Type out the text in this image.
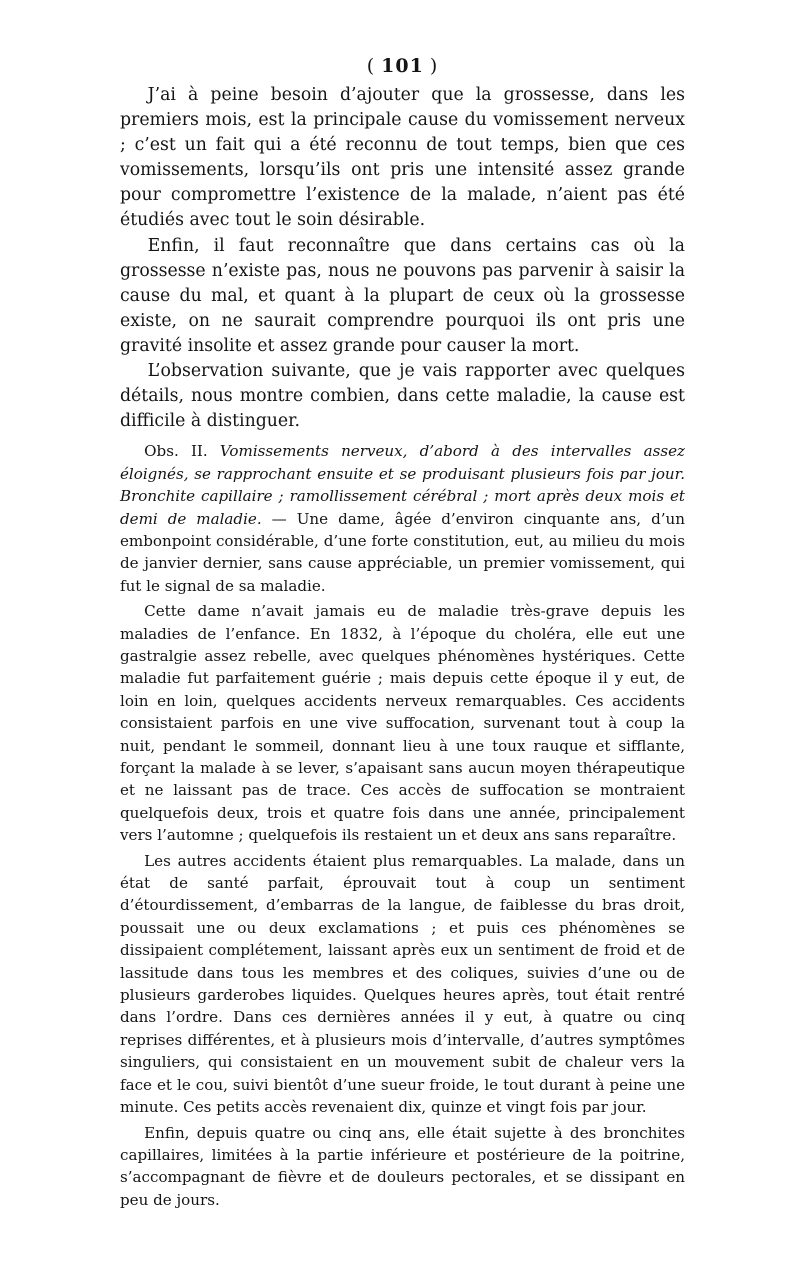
( 101 )

J’ai à peine besoin d’ajouter que la grossesse, dans les premiers mois, est la principale cause du vomissement nerveux ; c’est un fait qui a été reconnu de tout temps, bien que ces vomissements, lorsqu’ils ont pris une intensité assez grande pour compromettre l’existence de la malade, n’aient pas été étudiés avec tout le soin désirable.

Enfin, il faut reconnaître que dans certains cas où la grossesse n’existe pas, nous ne pouvons pas parvenir à saisir la cause du mal, et quant à la plupart de ceux où la grossesse existe, on ne saurait comprendre pourquoi ils ont pris une gravité insolite et assez grande pour causer la mort.

L’observation suivante, que je vais rapporter avec quelques détails, nous montre combien, dans cette maladie, la cause est difficile à distinguer.

Obs. II. Vomissements nerveux, d’abord à des intervalles assez éloignés, se rapprochant ensuite et se produisant plusieurs fois par jour. Bronchite capillaire ; ramollissement cérébral ; mort après deux mois et demi de maladie. — Une dame, âgée d’environ cinquante ans, d’un embonpoint considérable, d’une forte constitution, eut, au milieu du mois de janvier dernier, sans cause appréciable, un premier vomissement, qui fut le signal de sa maladie.

Cette dame n’avait jamais eu de maladie très-grave depuis les maladies de l’enfance. En 1832, à l’époque du choléra, elle eut une gastralgie assez rebelle, avec quelques phénomènes hystériques. Cette maladie fut parfaitement guérie ; mais depuis cette époque il y eut, de loin en loin, quelques accidents nerveux remarquables. Ces accidents consistaient parfois en une vive suffocation, survenant tout à coup la nuit, pendant le sommeil, donnant lieu à une toux rauque et sifflante, forçant la malade à se lever, s’apaisant sans aucun moyen thérapeutique et ne laissant pas de trace. Ces accès de suffocation se montraient quelquefois deux, trois et quatre fois dans une année, principalement vers l’automne ; quelquefois ils restaient un et deux ans sans reparaître.

Les autres accidents étaient plus remarquables. La malade, dans un état de santé parfait, éprouvait tout à coup un sentiment d’étourdissement, d’embarras de la langue, de faiblesse du bras droit, poussait une ou deux exclamations ; et puis ces phénomènes se dissipaient complétement, laissant après eux un sentiment de froid et de lassitude dans tous les membres et des coliques, suivies d’une ou de plusieurs garderobes liquides. Quelques heures après, tout était rentré dans l’ordre. Dans ces dernières années il y eut, à quatre ou cinq reprises différentes, et à plusieurs mois d’intervalle, d’autres symptômes singuliers, qui consistaient en un mouvement subit de chaleur vers la face et le cou, suivi bientôt d’une sueur froide, le tout durant à peine une minute. Ces petits accès revenaient dix, quinze et vingt fois par jour.

Enfin, depuis quatre ou cinq ans, elle était sujette à des bronchites capillaires, limitées à la partie inférieure et postérieure de la poitrine, s’accompagnant de fièvre et de douleurs pectorales, et se dissipant en peu de jours.
